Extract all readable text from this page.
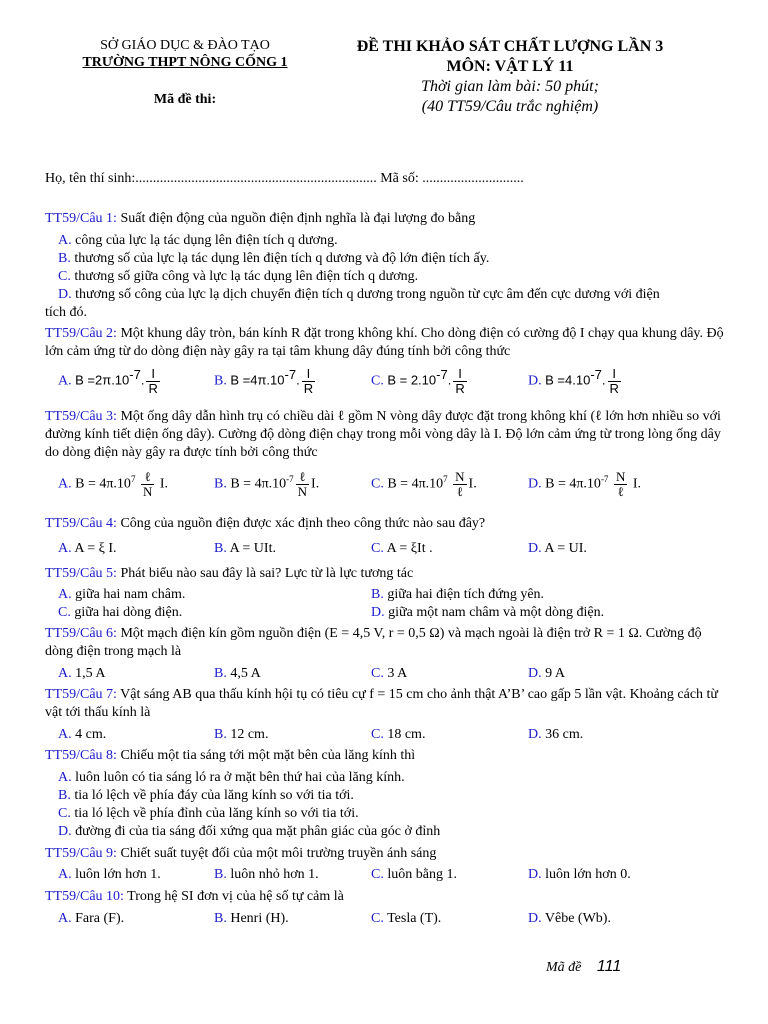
SỞ GIÁO DỤC & ĐÀO TẠO
TRƯỜNG THPT NÔNG CỐNG 1
Mã đề thi:
ĐỀ THI KHẢO SÁT CHẤT LƯỢNG LẦN 3
MÔN: VẬT LÝ 11
Thời gian làm bài: 50 phút;
(40 TT59/Câu trắc nghiệm)
Họ, tên thí sinh:..................................................................... Mã số: .............................
TT59/Câu 1: Suất điện động của nguồn điện định nghĩa là đại lượng đo bằng
A. công của lực lạ tác dụng lên điện tích q dương.
B. thương số của lực lạ tác dụng lên điện tích q dương và độ lớn điện tích ấy.
C. thương số giữa công và lực lạ tác dụng lên điện tích q dương.
D. thương số công của lực lạ dịch chuyển điện tích q dương trong nguồn từ cực âm đến cực dương với điện
tích đó.
TT59/Câu 2: Một khung dây tròn, bán kính R đặt trong không khí. Cho dòng điện có cường độ I chạy qua khung dây. Độ lớn cảm ứng từ do dòng điện này gây ra tại tâm khung dây đúng tính bởi công thức
A. $B =2\pi.10^{-7}$. $\frac{I}{R}$	B. $B =4\pi.10^{-7}$. $\frac{I}{R}$	C. $B = 2.10^{-7}$. $\frac{I}{R}$	D. $B =4.10^{-7}$. $\frac{I}{R}$
TT59/Câu 3: Một ống dây dẫn hình trụ có chiều dài ℓ gồm N vòng dây được đặt trong không khí (ℓ lớn hơn nhiều so với đường kính tiết diện ống dây). Cường độ dòng điện chạy trong mỗi vòng dây là I. Độ lớn cảm ứng từ trong lòng ống dây do dòng điện này gây ra được tính bởi công thức
A. $B = 4\pi.10^7 \frac{\text{ℓ}}{N} I$.	B. $B = 4\pi.10^{-7} \frac{\text{ℓ}}{N} I$.	C. $B = 4\pi.10^7 \frac{N}{\text{ℓ}} I$.	D. $B = 4\pi.10^{-7} \frac{N}{\text{ℓ}} I$.
TT59/Câu 4: Công của nguồn điện được xác định theo công thức nào sau đây?
A. A = ξ I.	B. A = UIt.	C. A = ξIt .	D. A = UI.
TT59/Câu 5: Phát biểu nào sau đây là sai? Lực từ là lực tương tác
A. giữa hai nam châm.	B. giữa hai điện tích đứng yên.
C. giữa hai dòng điện.	D. giữa một nam châm và một dòng điện.
TT59/Câu 6: Một mạch điện kín gồm nguồn điện (E = 4,5 V, r = 0,5 Ω) và mạch ngoài là điện trở R = 1 Ω. Cường độ dòng điện trong mạch là
A. 1,5 A	B. 4,5 A	C. 3 A	D. 9 A
TT59/Câu 7: Vật sáng AB qua thấu kính hội tụ có tiêu cự f = 15 cm cho ảnh thật A’B’ cao gấp 5 lần vật. Khoảng cách từ vật tới thấu kính là
A. 4 cm.	B. 12 cm.	C. 18 cm.	D. 36 cm.
TT59/Câu 8: Chiếu một tia sáng tới một mặt bên của lăng kính thì
A. luôn luôn có tia sáng ló ra ở mặt bên thứ hai của lăng kính.
B. tia ló lệch về phía đáy của lăng kính so với tia tới.
C. tia ló lệch về phía đỉnh của lăng kính so với tia tới.
D. đường đi của tia sáng đối xứng qua mặt phân giác của góc ở đỉnh
TT59/Câu 9: Chiết suất tuyệt đối của một môi trường truyền ánh sáng
A. luôn lớn hơn 1.	B. luôn nhỏ hơn 1.	C. luôn bằng 1.	D. luôn lớn hơn 0.
TT59/Câu 10: Trong hệ SI đơn vị của hệ số tự cảm là
A. Fara (F).	B. Henri (H).	C. Tesla (T).	D. Vêbe (Wb).
Mã đề 111
